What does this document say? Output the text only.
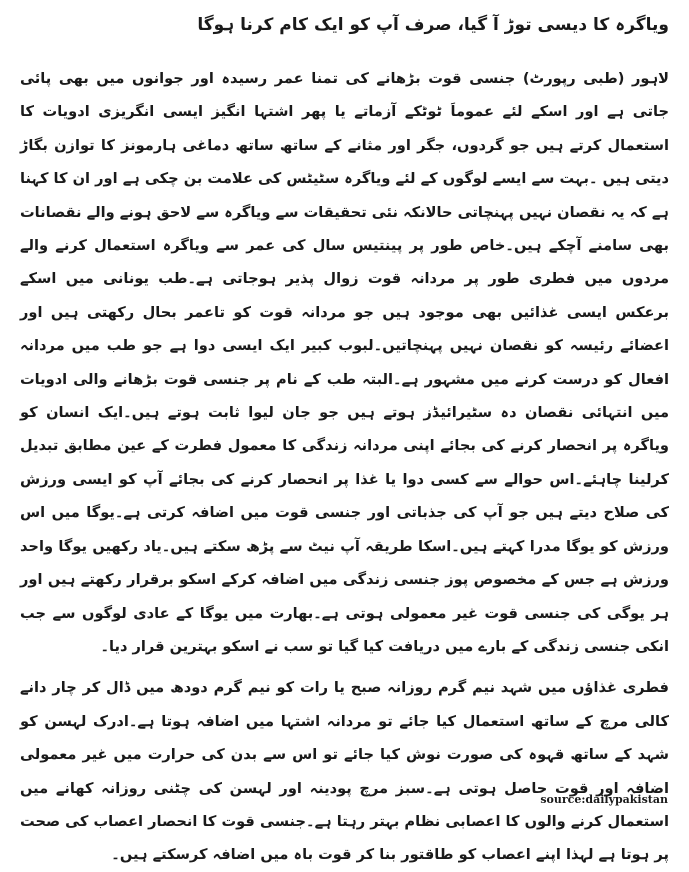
ویاگرہ کا دیسی توڑ آ گیا، صرف آپ کو ایک کام کرنا ہوگا

لاہور (طبی رپورٹ) جنسی قوت بڑھانے کی تمنا عمر رسیدہ اور جوانوں میں بھی پائی جاتی ہے اور اسکے لئے عموماَ ٹوٹکے آزماتے یا پھر اشتہا انگیز ایسی انگریزی ادویات کا استعمال کرتے ہیں جو گردوں، جگر اور مثانے کے ساتھ ساتھ دماغی ہارمونز کا توازن بگاڑ دیتی ہیں ۔بہت سے ایسے لوگوں کے لئے ویاگرہ سٹیٹس کی علامت بن چکی ہے اور ان کا کہنا ہے کہ یہ نقصان نہیں پہنچاتی حالانکہ نئی تحقیقات سے ویاگرہ سے لاحق ہونے والے نقصانات بھی سامنے آچکے ہیں۔خاص طور پر پینتیس سال کی عمر سے ویاگرہ استعمال کرنے والے مردوں میں فطری طور پر مردانہ قوت زوال پذیر ہوجاتی ہے۔طب یونانی میں اسکے برعکس ایسی غذائیں بھی موجود ہیں جو مردانہ قوت کو تاعمر بحال رکھتی ہیں اور اعضائے رئیسہ کو نقصان نہیں پہنچاتیں۔لبوب کبیر ایک ایسی دوا ہے جو طب میں مردانہ افعال کو درست کرنے میں مشہور ہے۔البتہ طب کے نام پر جنسی قوت بڑھانے والی ادویات میں انتہائی نقصان دہ سٹیرائیڈز ہوتے ہیں جو جان لیوا ثابت ہوتے ہیں۔ایک انسان کو ویاگرہ پر انحصار کرنے کی بجائے اپنی مردانہ زندگی کا معمول فطرت کے عین مطابق تبدیل کرلینا چاہئے۔اس حوالے سے کسی دوا یا غذا پر انحصار کرنے کی بجائے آپ کو ایسی ورزش کی صلاح دیتے ہیں جو آپ کی جذباتی اور جنسی قوت میں اضافہ کرتی ہے۔یوگا میں اس ورزش کو یوگا مدرا کہتے ہیں۔اسکا طریقہ آپ نیٹ سے پڑھ سکتے ہیں۔یاد رکھیں یوگا واحد ورزش ہے جس کے مخصوص پوز جنسی زندگی میں اضافہ کرکے اسکو برقرار رکھتے ہیں اور ہر یوگی کی جنسی قوت غیر معمولی ہوتی ہے۔بھارت میں یوگا کے عادی لوگوں سے جب انکی جنسی زندگی کے بارے میں دریافت کیا گیا تو سب نے اسکو بہترین قرار دیا۔

فطری غذاؤں میں شہد نیم گرم روزانہ صبح یا رات کو نیم گرم دودھ میں ڈال کر چار دانے کالی مرچ کے ساتھ استعمال کیا جائے تو مردانہ اشتہا میں اضافہ ہوتا ہے۔ادرک لہسن کو شہد کے ساتھ قہوہ کی صورت نوش کیا جائے تو اس سے بدن کی حرارت میں غیر معمولی اضافہ اور قوت حاصل ہوتی ہے۔سبز مرچ پودینہ اور لہسن کی چٹنی روزانہ کھانے میں استعمال کرنے والوں کا اعصابی نظام بہتر رہتا ہے۔جنسی قوت کا انحصار اعصاب کی صحت پر ہوتا ہے لہذا اپنے اعصاب کو طاقتور بنا کر قوت باہ میں اضافہ کرسکتے ہیں۔

source:dailypakistan
